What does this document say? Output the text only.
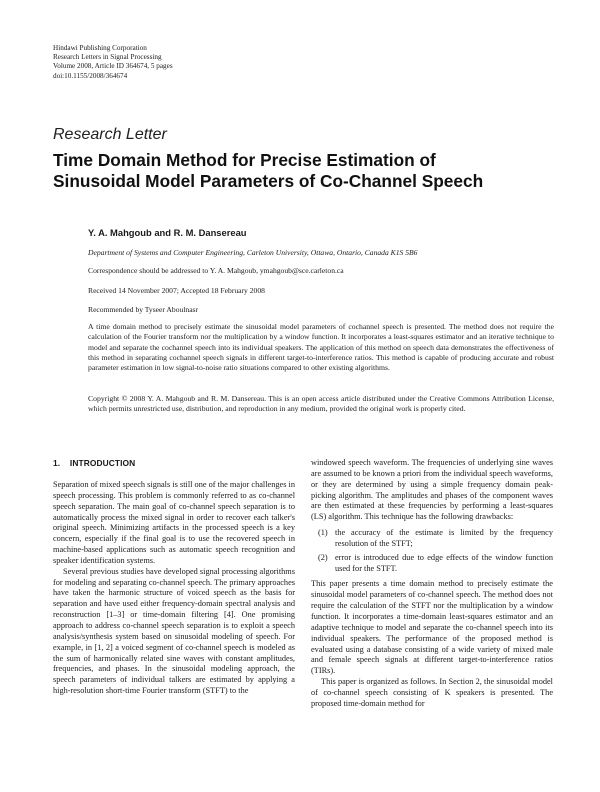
Hindawi Publishing Corporation
Research Letters in Signal Processing
Volume 2008, Article ID 364674, 5 pages
doi:10.1155/2008/364674
Research Letter
Time Domain Method for Precise Estimation of
Sinusoidal Model Parameters of Co-Channel Speech
Y. A. Mahgoub and R. M. Dansereau
Department of Systems and Computer Engineering, Carleton University, Ottawa, Ontario, Canada K1S 5B6
Correspondence should be addressed to Y. A. Mahgoub, ymahgoub@sce.carleton.ca
Received 14 November 2007; Accepted 18 February 2008
Recommended by Tyseer Aboulnasr
A time domain method to precisely estimate the sinusoidal model parameters of cochannel speech is presented. The method does not require the calculation of the Fourier transform nor the multiplication by a window function. It incorporates a least-squares estimator and an iterative technique to model and separate the cochannel speech into its individual speakers. The application of this method on speech data demonstrates the effectiveness of this method in separating cochannel speech signals in different target-to-interference ratios. This method is capable of producing accurate and robust parameter estimation in low signal-to-noise ratio situations compared to other existing algorithms.
Copyright © 2008 Y. A. Mahgoub and R. M. Dansereau. This is an open access article distributed under the Creative Commons Attribution License, which permits unrestricted use, distribution, and reproduction in any medium, provided the original work is properly cited.
1. INTRODUCTION

Separation of mixed speech signals is still one of the major challenges in speech processing. This problem is commonly referred to as co-channel speech separation. The main goal of co-channel speech separation is to automatically process the mixed signal in order to recover each talker's original speech. Minimizing artifacts in the processed speech is a key concern, especially if the final goal is to use the recovered speech in machine-based applications such as automatic speech recognition and speaker identification systems.

Several previous studies have developed signal processing algorithms for modeling and separating co-channel speech. The primary approaches have taken the harmonic structure of voiced speech as the basis for separation and have used either frequency-domain spectral analysis and reconstruction [1–3] or time-domain filtering [4]. One promising approach to address co-channel speech separation is to exploit a speech analysis/synthesis system based on sinusoidal modeling of speech. For example, in [1, 2] a voiced segment of co-channel speech is modeled as the sum of harmonically related sine waves with constant amplitudes, frequencies, and phases. In the sinusoidal modeling approach, the speech parameters of individual talkers are estimated by applying a high-resolution short-time Fourier transform (STFT) to the

windowed speech waveform. The frequencies of underlying sine waves are assumed to be known a priori from the individual speech waveforms, or they are determined by using a simple frequency domain peak-picking algorithm. The amplitudes and phases of the component waves are then estimated at these frequencies by performing a least-squares (LS) algorithm. This technique has the following drawbacks:

(1) the accuracy of the estimate is limited by the frequency resolution of the STFT;
(2) error is introduced due to edge effects of the window function used for the STFT.

This paper presents a time domain method to precisely estimate the sinusoidal model parameters of co-channel speech. The method does not require the calculation of the STFT nor the multiplication by a window function. It incorporates a time-domain least-squares estimator and an adaptive technique to model and separate the co-channel speech into its individual speakers. The performance of the proposed method is evaluated using a database consisting of a wide variety of mixed male and female speech signals at different target-to-interference ratios (TIRs).

This paper is organized as follows. In Section 2, the sinusoidal model of co-channel speech consisting of K speakers is presented. The proposed time-domain method for
